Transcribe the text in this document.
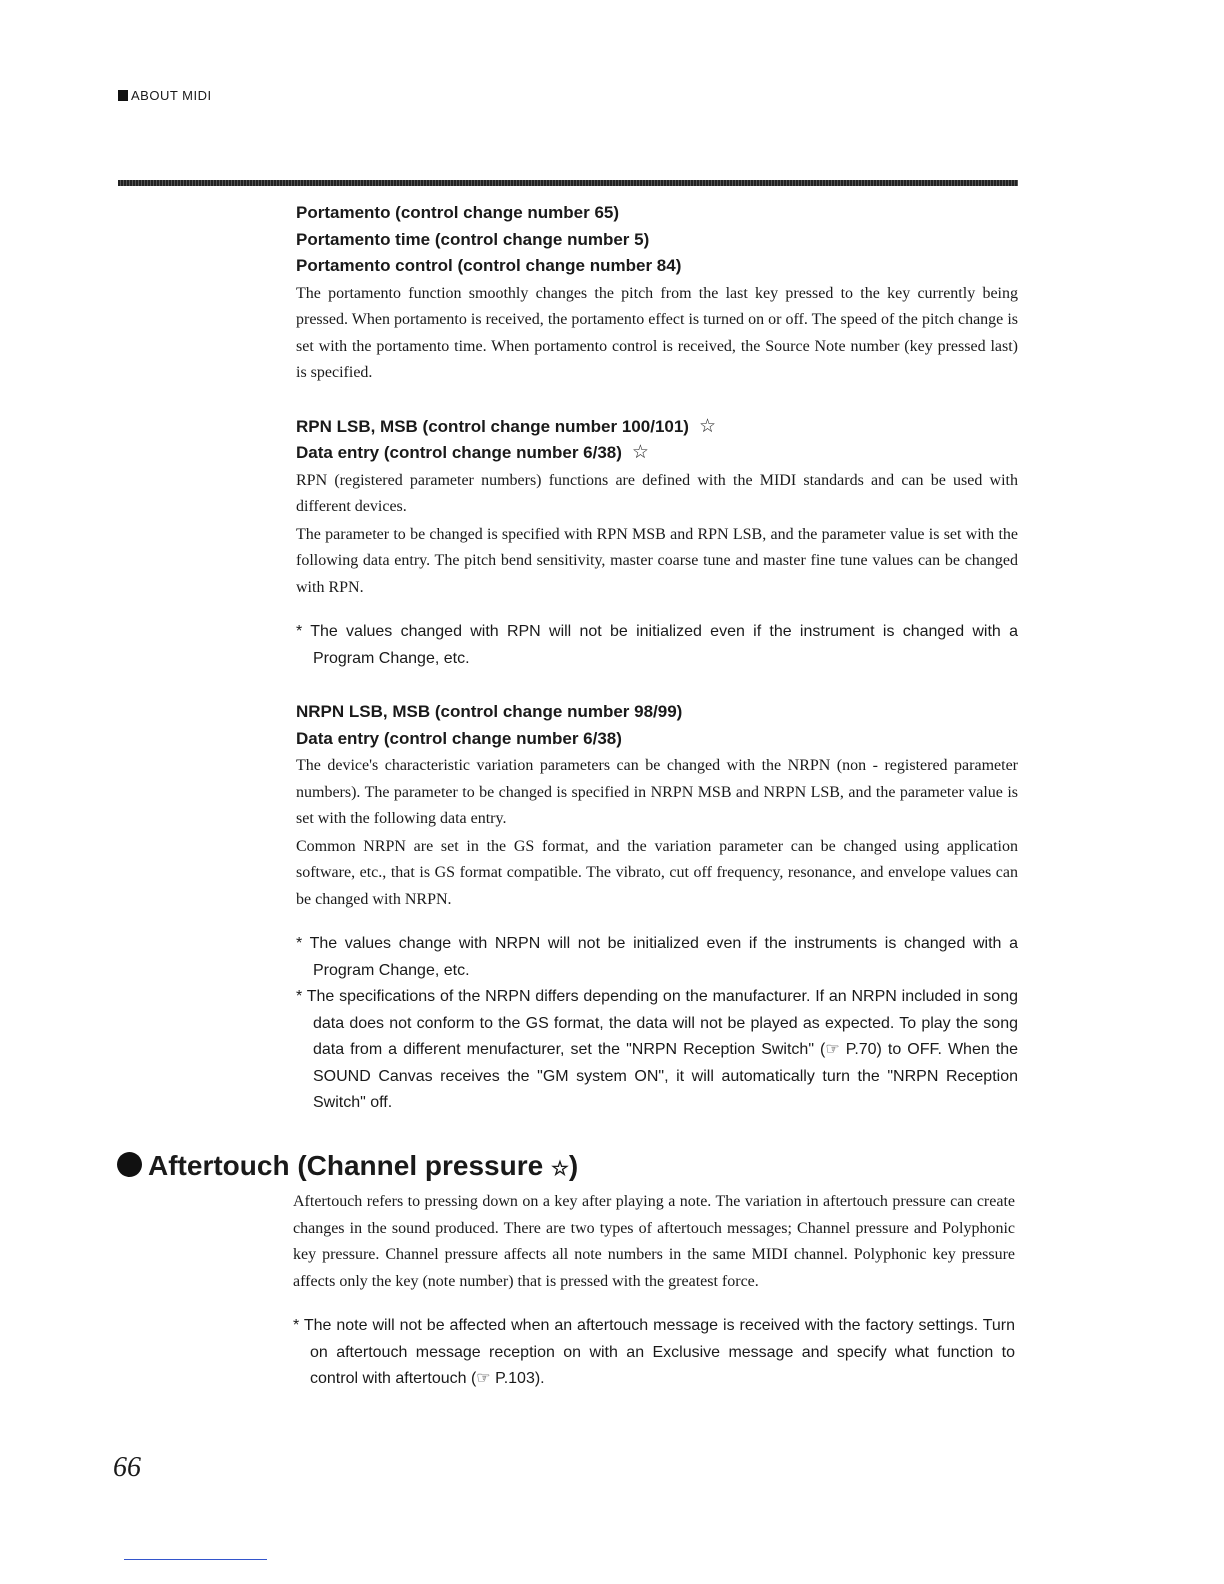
ABOUT MIDI

Portamento (control change number 65)

Portamento time (control change number 5)

Portamento control (control change number 84)

The portamento function smoothly changes the pitch from the last key pressed to the key currently being pressed. When portamento is received, the portamento effect is turned on or off. The speed of the pitch change is set with the portamento time. When portamento control is received, the Source Note number (key pressed last) is specified.

RPN LSB, MSB (control change number 100/101) ☆

Data entry (control change number 6/38) ☆

RPN (registered parameter numbers) functions are defined with the MIDI standards and can be used with different devices.

The parameter to be changed is specified with RPN MSB and RPN LSB, and the parameter value is set with the following data entry. The pitch bend sensitivity, master coarse tune and master fine tune values can be changed with RPN.

* The values changed with RPN will not be initialized even if the instrument is changed with a Program Change, etc.

NRPN LSB, MSB (control change number 98/99)

Data entry (control change number 6/38)

The device's characteristic variation parameters can be changed with the NRPN (non - registered parameter numbers). The parameter to be changed is specified in NRPN MSB and NRPN LSB, and the parameter value is set with the following data entry.

Common NRPN are set in the GS format, and the variation parameter can be changed using application software, etc., that is GS format compatible. The vibrato, cut off frequency, resonance, and envelope values can be changed with NRPN.

* The values change with NRPN will not be initialized even if the instruments is changed with a Program Change, etc.

* The specifications of the NRPN differs depending on the manufacturer. If an NRPN included in song data does not conform to the GS format, the data will not be played as expected. To play the song data from a different menufacturer, set the "NRPN Reception Switch" (☞ P.70) to OFF. When the SOUND Canvas receives the "GM system ON", it will automatically turn the "NRPN Reception Switch" off.

Aftertouch (Channel pressure ☆)

Aftertouch refers to pressing down on a key after playing a note. The variation in aftertouch pressure can create changes in the sound produced. There are two types of aftertouch messages; Channel pressure and Polyphonic key pressure. Channel pressure affects all note numbers in the same MIDI channel. Polyphonic key pressure affects only the key (note number) that is pressed with the greatest force.

* The note will not be affected when an aftertouch message is received with the factory settings. Turn on aftertouch message reception on with an Exclusive message and specify what function to control with aftertouch (☞ P.103).

66
